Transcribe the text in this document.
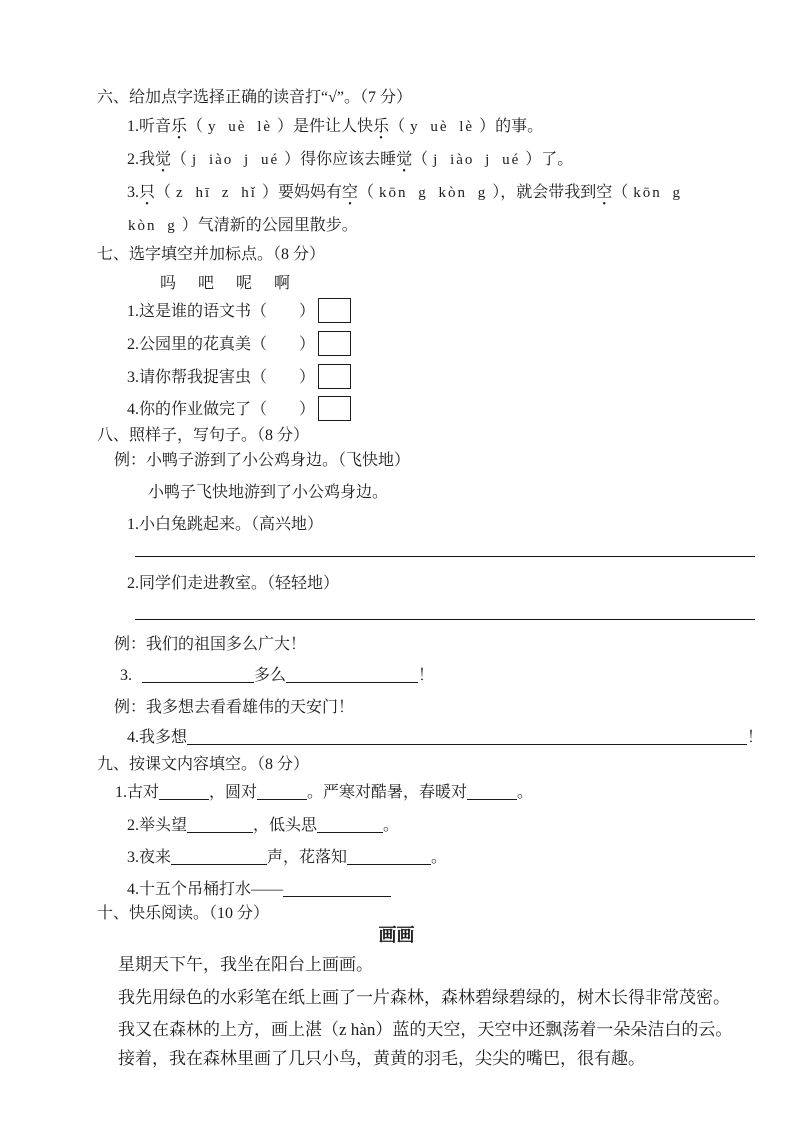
六、给加点字选择正确的读音打“√”。（7 分）
1.听音乐（ y uè lè ）是件让人快乐（ y uè lè ）的事。
2.我觉（ j iào j ué ）得你应该去睡觉（ j iào j ué ）了。
3.只（ z hī z hǐ ）要妈妈有空（ kōn g kòn g ），就会带我到空（ kōn g
kòn g ）气清新的公园里散步。
七、选字填空并加标点。（8 分）
吗 吧 呢 啊
1.这是谁的语文书（ ）
2.公园里的花真美（ ）
3.请你帮我捉害虫（ ）
4.你的作业做完了（ ）
八、照样子，写句子。（8 分）
例：小鸭子游到了小公鸡身边。（飞快地）
小鸭子飞快地游到了小公鸡身边。
1.小白兔跳起来。（高兴地）
2.同学们走进教室。（轻轻地）
例：我们的祖国多么广大！
3.	多么	！
例：我多想去看看雄伟的天安门！
4.我多想	！
九、按课文内容填空。（8 分）
1.古对	，圆对	。严寒对酷暑，春暖对	。
2.举头望	，低头思	。
3.夜来	声，花落知	。
4.十五个吊桶打水——
十、快乐阅读。（10 分）
画画
星期天下午，我坐在阳台上画画。
我先用绿色的水彩笔在纸上画了一片森林，森林碧绿碧绿的，树木长得非常茂密。
我又在森林的上方，画上湛（z hàn）蓝的天空，天空中还飘荡着一朵朵洁白的云。
接着，我在森林里画了几只小鸟，黄黄的羽毛，尖尖的嘴巴，很有趣。
